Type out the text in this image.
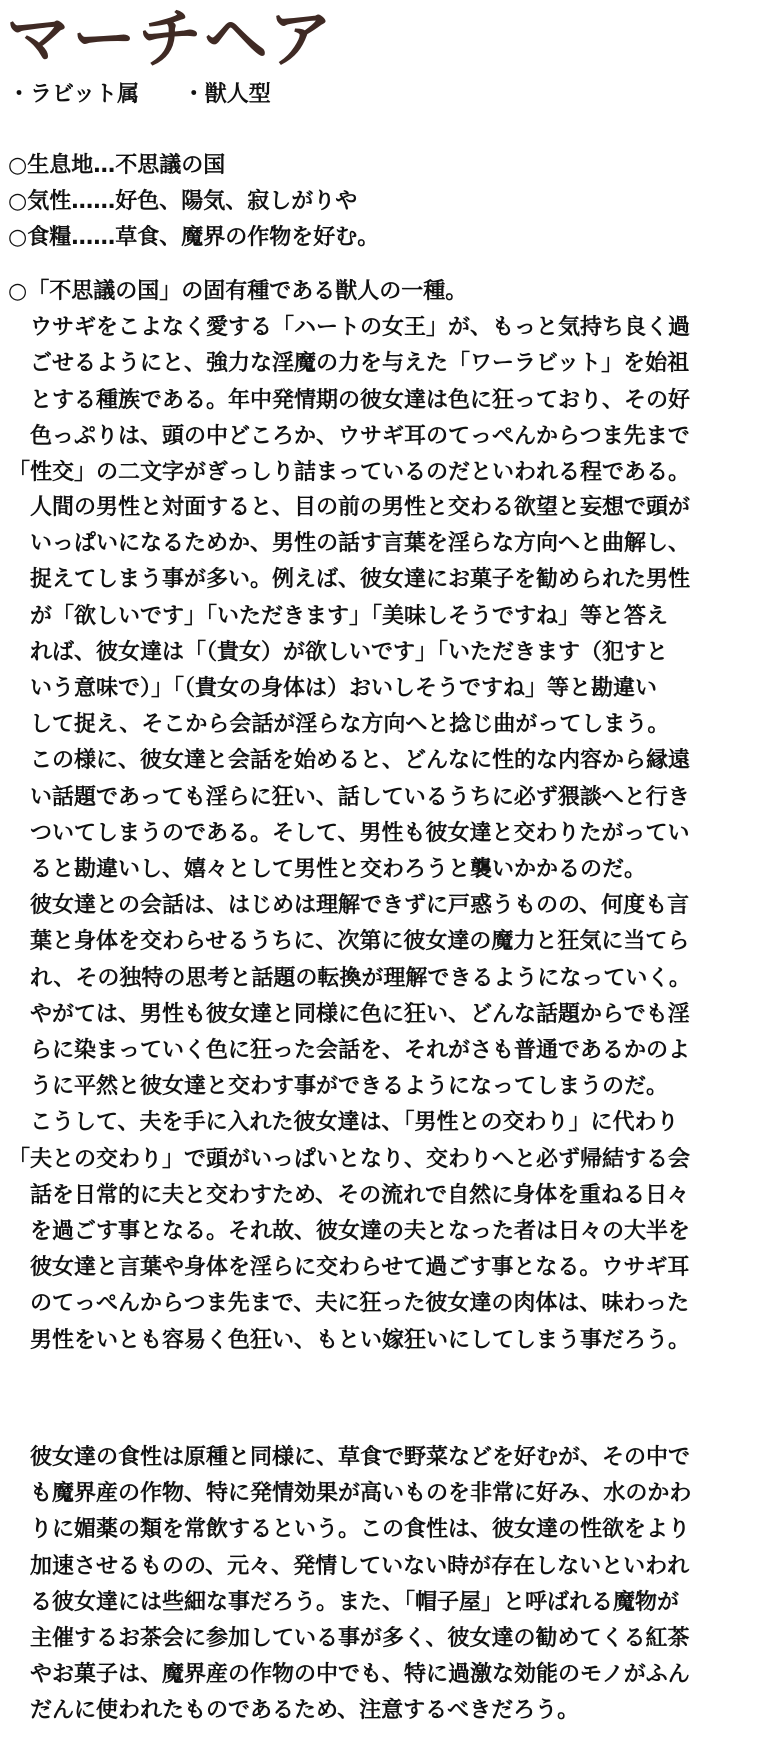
マーチヘア
・ラビット属 ・獣人型
○生息地…不思議の国
○気性……好色、陽気、寂しがりや
○食糧……草食、魔界の作物を好む。
○「不思議の国」の固有種である獣人の一種。
　ウサギをこよなく愛する「ハートの女王」が、もっと気持ち良く過
　ごせるようにと、強力な淫魔の力を与えた「ワーラビット」を始祖
　とする種族である。年中発情期の彼女達は色に狂っており、その好
　色っぷりは、頭の中どころか、ウサギ耳のてっぺんからつま先まで
「性交」の二文字がぎっしり詰まっているのだといわれる程である。
　人間の男性と対面すると、目の前の男性と交わる欲望と妄想で頭が
　いっぱいになるためか、男性の話す言葉を淫らな方向へと曲解し、
　捉えてしまう事が多い。例えば、彼女達にお菓子を勧められた男性
　が「欲しいです」「いただきます」「美味しそうですね」等と答え
　れば、彼女達は「（貴女）が欲しいです」「いただきます（犯すと
　いう意味で）」「（貴女の身体は）おいしそうですね」等と勘違い
　して捉え、そこから会話が淫らな方向へと捻じ曲がってしまう。
　この様に、彼女達と会話を始めると、どんなに性的な内容から縁遠
　い話題であっても淫らに狂い、話しているうちに必ず猥談へと行き
　ついてしまうのである。そして、男性も彼女達と交わりたがってい
　ると勘違いし、嬉々として男性と交わろうと襲いかかるのだ。
　彼女達との会話は、はじめは理解できずに戸惑うものの、何度も言
　葉と身体を交わらせるうちに、次第に彼女達の魔力と狂気に当てら
　れ、その独特の思考と話題の転換が理解できるようになっていく。
　やがては、男性も彼女達と同様に色に狂い、どんな話題からでも淫
　らに染まっていく色に狂った会話を、それがさも普通であるかのよ
　うに平然と彼女達と交わす事ができるようになってしまうのだ。
　こうして、夫を手に入れた彼女達は、「男性との交わり」に代わり
「夫との交わり」で頭がいっぱいとなり、交わりへと必ず帰結する会
　話を日常的に夫と交わすため、その流れで自然に身体を重ねる日々
　を過ごす事となる。それ故、彼女達の夫となった者は日々の大半を
　彼女達と言葉や身体を淫らに交わらせて過ごす事となる。ウサギ耳
　のてっぺんからつま先まで、夫に狂った彼女達の肉体は、味わった
　男性をいとも容易く色狂い、もとい嫁狂いにしてしまう事だろう。
　彼女達の食性は原種と同様に、草食で野菜などを好むが、その中で
　も魔界産の作物、特に発情効果が高いものを非常に好み、水のかわ
　りに媚薬の類を常飲するという。この食性は、彼女達の性欲をより
　加速させるものの、元々、発情していない時が存在しないといわれ
　る彼女達には些細な事だろう。また、「帽子屋」と呼ばれる魔物が
　主催するお茶会に参加している事が多く、彼女達の勧めてくる紅茶
　やお菓子は、魔界産の作物の中でも、特に過激な効能のモノがふん
　だんに使われたものであるため、注意するべきだろう。
